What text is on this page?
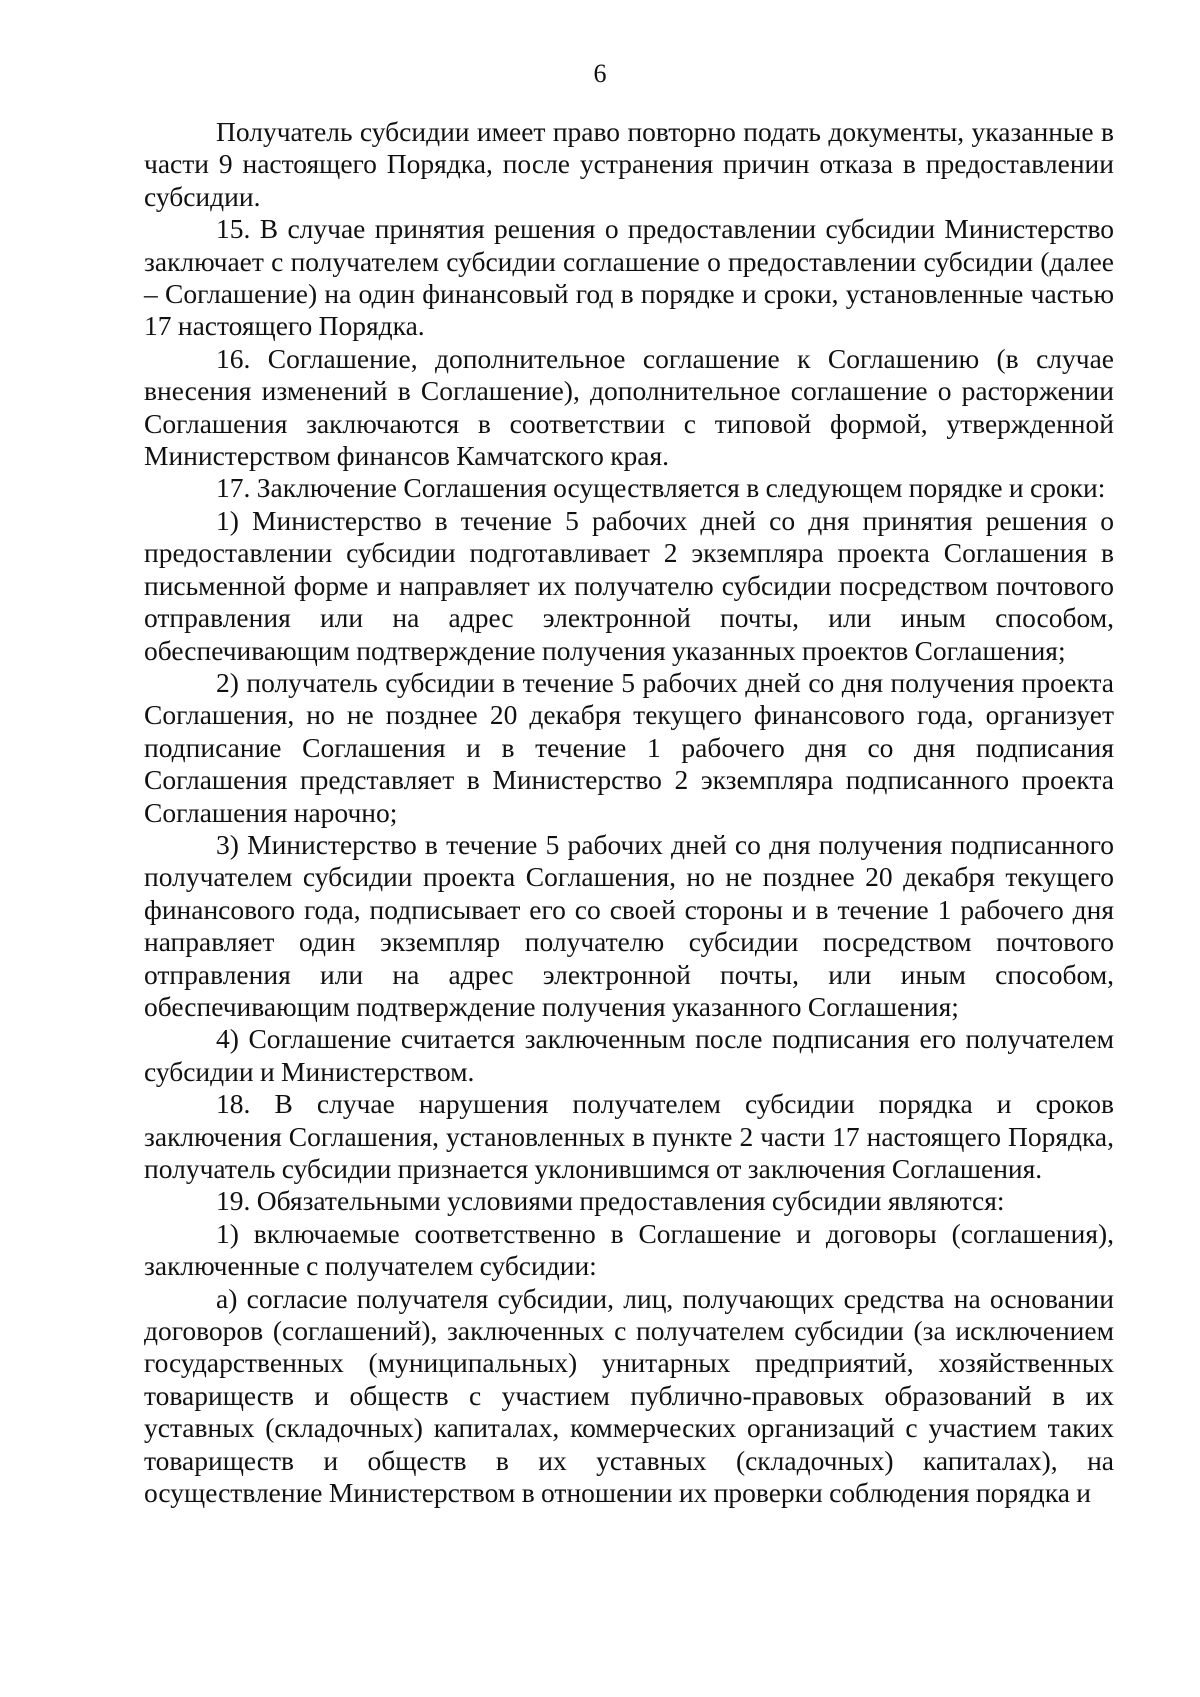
6

Получатель субсидии имеет право повторно подать документы, указанные в части 9 настоящего Порядка, после устранения причин отказа в предоставлении субсидии.

15. В случае принятия решения о предоставлении субсидии Министерство заключает с получателем субсидии соглашение о предоставлении субсидии (далее – Соглашение) на один финансовый год в порядке и сроки, установленные частью 17 настоящего Порядка.

16. Соглашение, дополнительное соглашение к Соглашению (в случае внесения изменений в Соглашение), дополнительное соглашение о расторжении Соглашения заключаются в соответствии с типовой формой, утвержденной Министерством финансов Камчатского края.

17. Заключение Соглашения осуществляется в следующем порядке и сроки:

1) Министерство в течение 5 рабочих дней со дня принятия решения о предоставлении субсидии подготавливает 2 экземпляра проекта Соглашения в письменной форме и направляет их получателю субсидии посредством почтового отправления или на адрес электронной почты, или иным способом, обеспечивающим подтверждение получения указанных проектов Соглашения;

2) получатель субсидии в течение 5 рабочих дней со дня получения проекта Соглашения, но не позднее 20 декабря текущего финансового года, организует подписание Соглашения и в течение 1 рабочего дня со дня подписания Соглашения представляет в Министерство 2 экземпляра подписанного проекта Соглашения нарочно;

3) Министерство в течение 5 рабочих дней со дня получения подписанного получателем субсидии проекта Соглашения, но не позднее 20 декабря текущего финансового года, подписывает его со своей стороны и в течение 1 рабочего дня направляет один экземпляр получателю субсидии посредством почтового отправления или на адрес электронной почты, или иным способом, обеспечивающим подтверждение получения указанного Соглашения;

4) Соглашение считается заключенным после подписания его получателем субсидии и Министерством.

18. В случае нарушения получателем субсидии порядка и сроков заключения Соглашения, установленных в пункте 2 части 17 настоящего Порядка, получатель субсидии признается уклонившимся от заключения Соглашения.

19. Обязательными условиями предоставления субсидии являются:

1) включаемые соответственно в Соглашение и договоры (соглашения), заключенные с получателем субсидии:

а) согласие получателя субсидии, лиц, получающих средства на основании договоров (соглашений), заключенных с получателем субсидии (за исключением государственных (муниципальных) унитарных предприятий, хозяйственных товариществ и обществ с участием публично-правовых образований в их уставных (складочных) капиталах, коммерческих организаций с участием таких товариществ и обществ в их уставных (складочных) капиталах), на осуществление Министерством в отношении их проверки соблюдения порядка и
